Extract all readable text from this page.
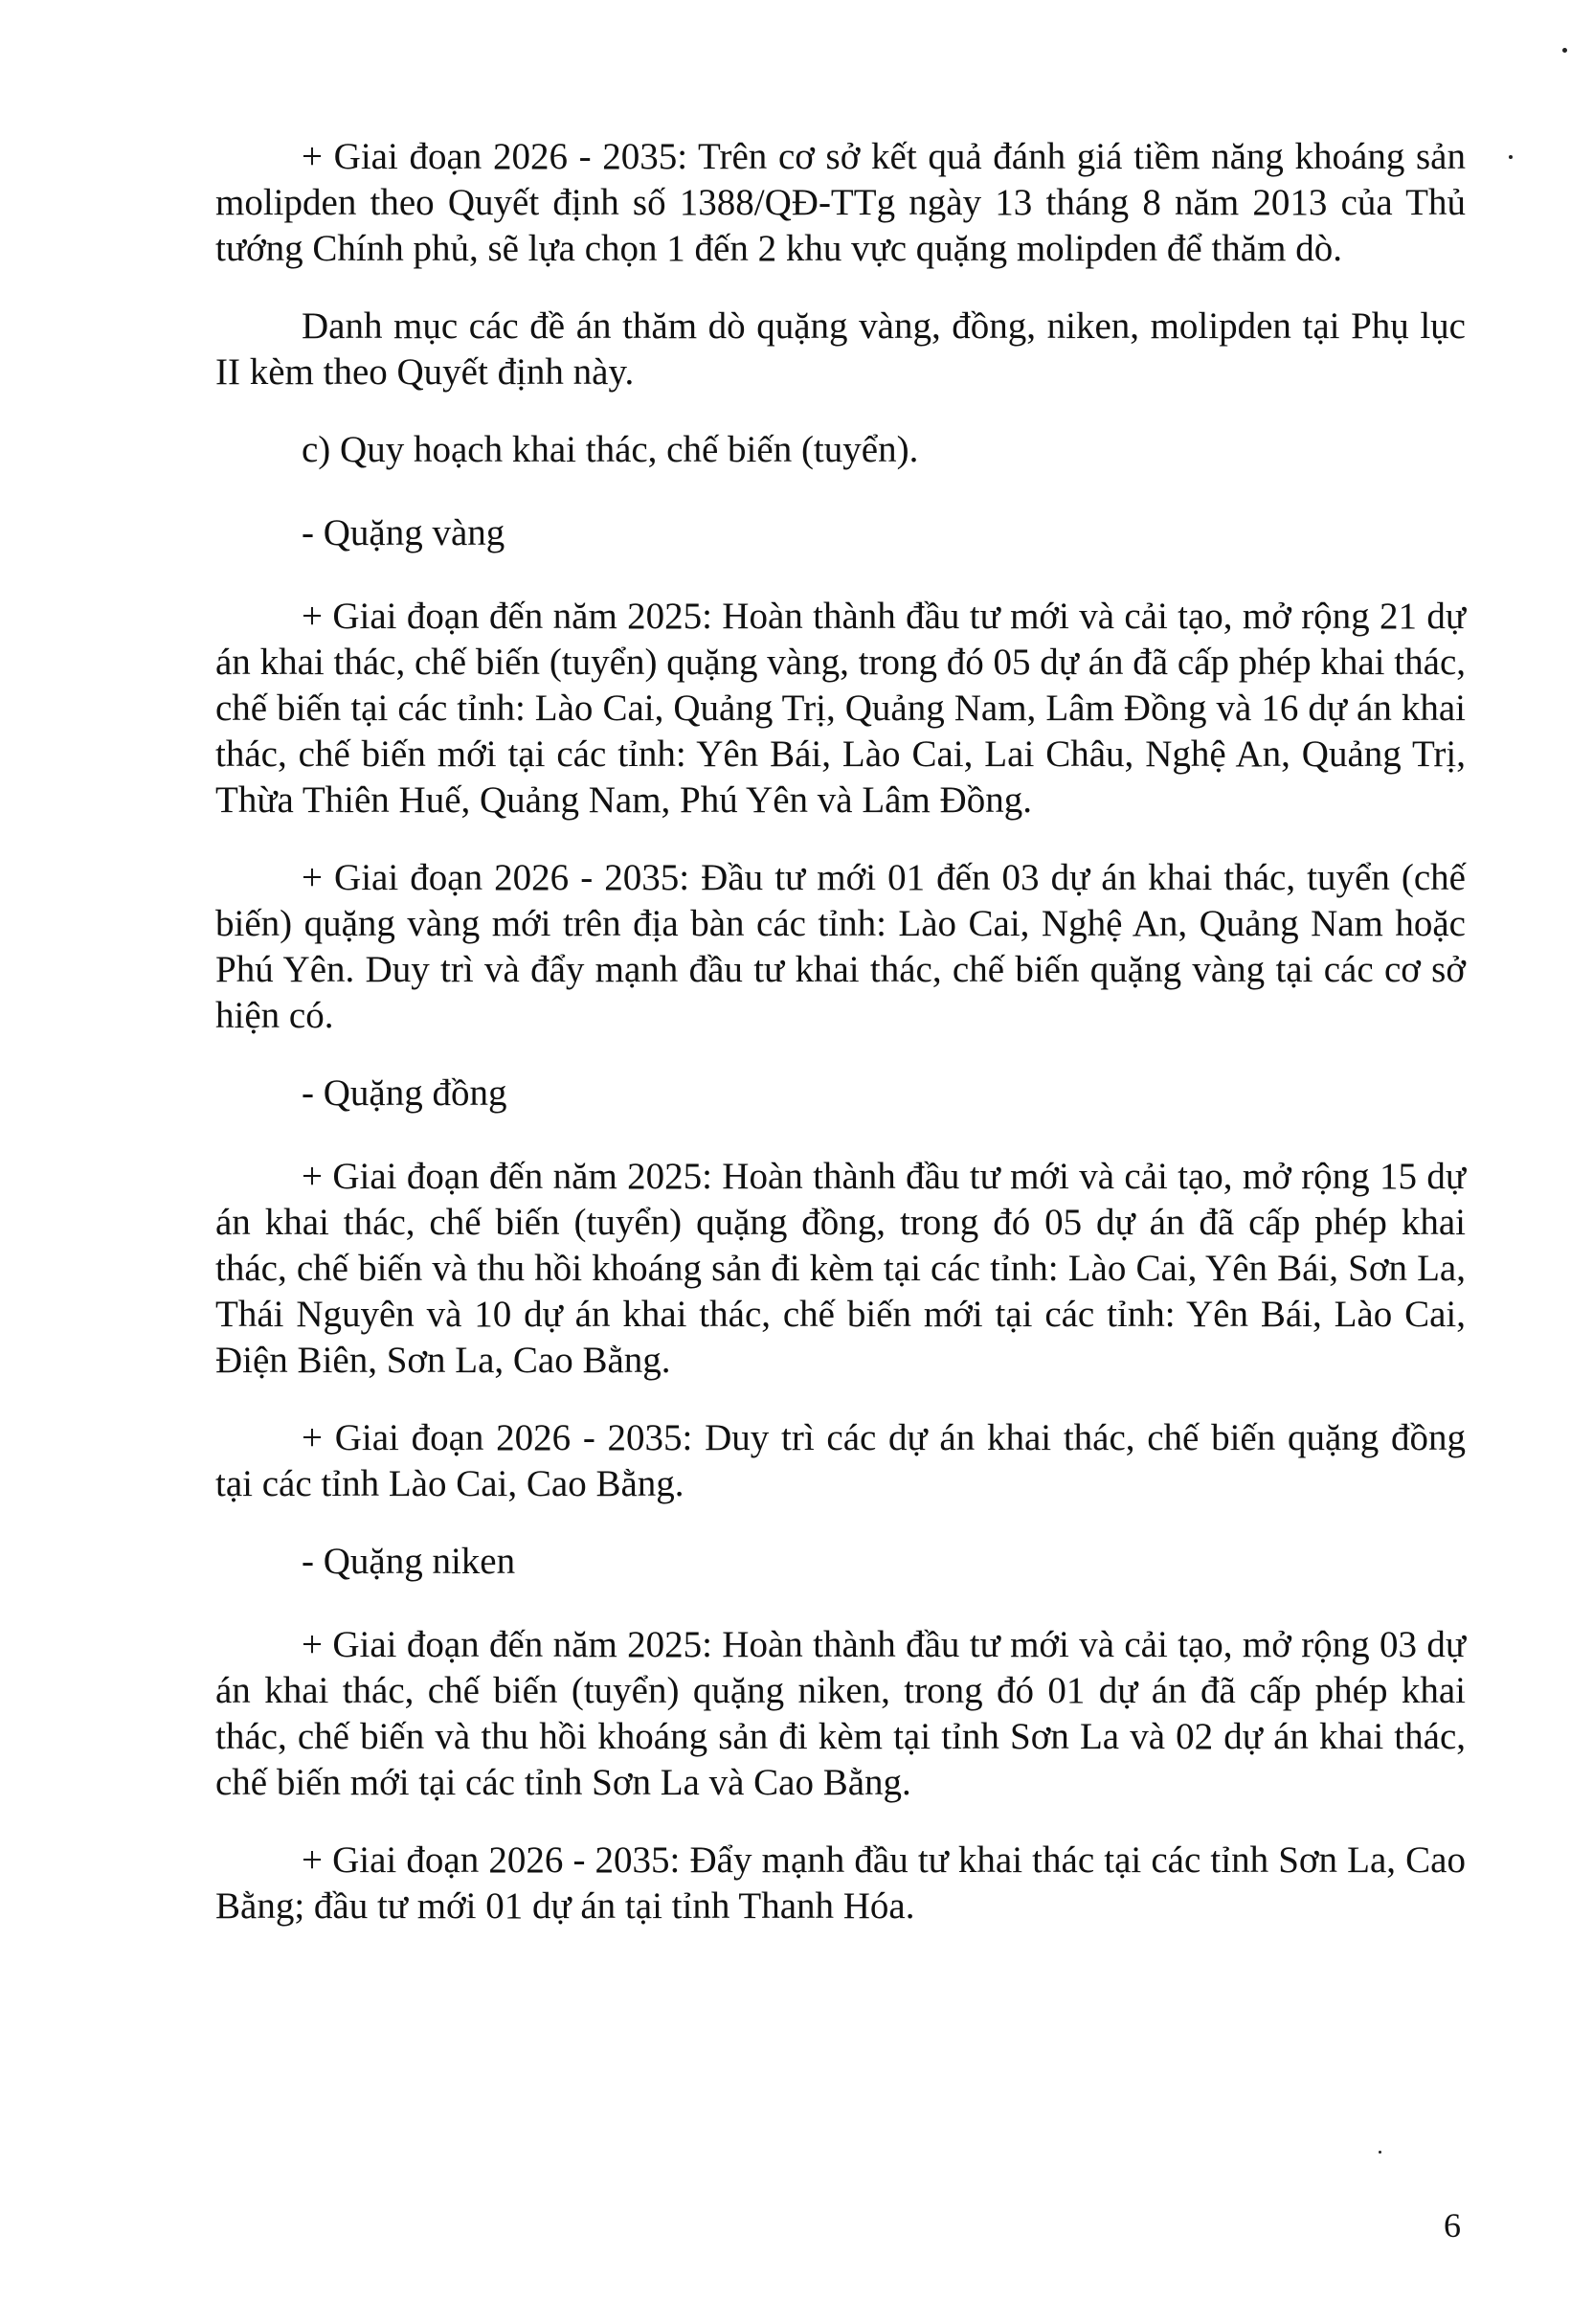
+ Giai đoạn 2026 - 2035: Trên cơ sở kết quả đánh giá tiềm năng khoáng sản molipden theo Quyết định số 1388/QĐ-TTg ngày 13 tháng 8 năm 2013 của Thủ tướng Chính phủ, sẽ lựa chọn 1 đến 2 khu vực quặng molipden để thăm dò.

Danh mục các đề án thăm dò quặng vàng, đồng, niken, molipden tại Phụ lục II kèm theo Quyết định này.

c) Quy hoạch khai thác, chế biến (tuyển).

- Quặng vàng

+ Giai đoạn đến năm 2025: Hoàn thành đầu tư mới và cải tạo, mở rộng 21 dự án khai thác, chế biến (tuyển) quặng vàng, trong đó 05 dự án đã cấp phép khai thác, chế biến tại các tỉnh: Lào Cai, Quảng Trị, Quảng Nam, Lâm Đồng và 16 dự án khai thác, chế biến mới tại các tỉnh: Yên Bái, Lào Cai, Lai Châu, Nghệ An, Quảng Trị, Thừa Thiên Huế, Quảng Nam, Phú Yên và Lâm Đồng.

+ Giai đoạn 2026 - 2035: Đầu tư mới 01 đến 03 dự án khai thác, tuyển (chế biến) quặng vàng mới trên địa bàn các tỉnh: Lào Cai, Nghệ An, Quảng Nam hoặc Phú Yên. Duy trì và đẩy mạnh đầu tư khai thác, chế biến quặng vàng tại các cơ sở hiện có.

- Quặng đồng

+ Giai đoạn đến năm 2025: Hoàn thành đầu tư mới và cải tạo, mở rộng 15 dự án khai thác, chế biến (tuyển) quặng đồng, trong đó 05 dự án đã cấp phép khai thác, chế biến và thu hồi khoáng sản đi kèm tại các tỉnh: Lào Cai, Yên Bái, Sơn La, Thái Nguyên và 10 dự án khai thác, chế biến mới tại các tỉnh: Yên Bái, Lào Cai, Điện Biên, Sơn La, Cao Bằng.

+ Giai đoạn 2026 - 2035: Duy trì các dự án khai thác, chế biến quặng đồng tại các tỉnh Lào Cai, Cao Bằng.

- Quặng niken

+ Giai đoạn đến năm 2025: Hoàn thành đầu tư mới và cải tạo, mở rộng 03 dự án khai thác, chế biến (tuyển) quặng niken, trong đó 01 dự án đã cấp phép khai thác, chế biến và thu hồi khoáng sản đi kèm tại tỉnh Sơn La và 02 dự án khai thác, chế biến mới tại các tỉnh Sơn La và Cao Bằng.

+ Giai đoạn 2026 - 2035: Đẩy mạnh đầu tư khai thác tại các tỉnh Sơn La, Cao Bằng; đầu tư mới 01 dự án tại tỉnh Thanh Hóa.

6
